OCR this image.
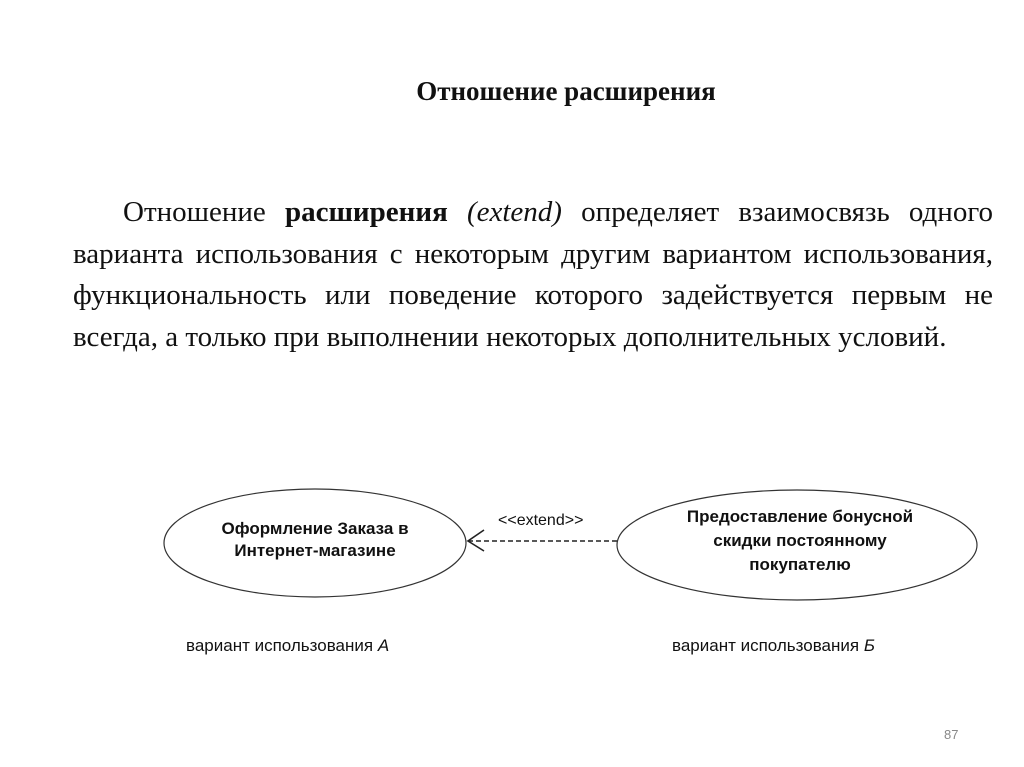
Отношение расширения
Отношение расширения (extend) определяет взаимосвязь одного варианта использования с некоторым другим вариантом использования, функциональность или поведение которого задействуется первым не всегда, а только при выполнении некоторых дополнительных условий.
<<extend>>
Оформление Заказа в
Интернет-магазине
Предоставление бонусной
скидки постоянному
покупателю
вариант использования А	вариант использования Б
87
